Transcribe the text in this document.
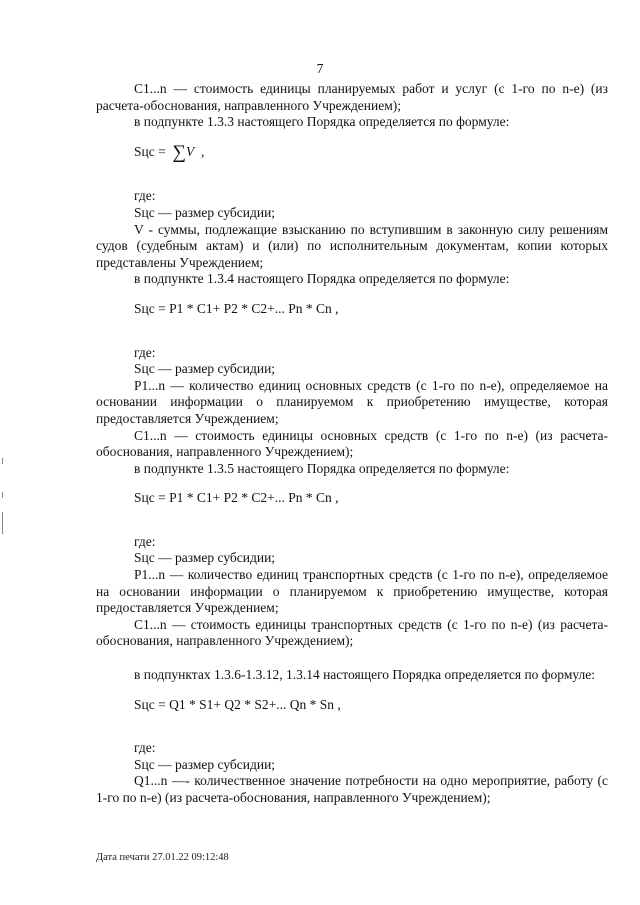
7

C1...n — стоимость единицы планируемых работ и услуг (с 1-го по n-е) (из расчета-обоснования, направленного Учреждением);

в подпункте 1.3.3 настоящего Порядка определяется по формуле:

Sцс =  ∑V  ,

где:

Sцс — размер субсидии;

V - суммы, подлежащие взысканию по вступившим в законную силу решениям судов (судебным актам) и (или) по исполнительным документам, копии которых представлены Учреждением;

в подпункте 1.3.4 настоящего Порядка определяется по формуле:

Sцс = P1 * C1+ P2 * C2+... Pn * Cn ,

где:

Sцс — размер субсидии;

P1...n — количество единиц основных средств (с 1-го по n-е), определяемое на основании информации о планируемом к приобретению имуществе, которая предоставляется Учреждением;

C1...n — стоимость единицы основных средств (с 1-го по n-е) (из расчета-обоснования, направленного Учреждением);

в подпункте 1.3.5 настоящего Порядка определяется по формуле:

Sцс = P1 * C1+ P2 * C2+... Pn * Cn ,

где:

Sцс — размер субсидии;

P1...n — количество единиц транспортных средств (с 1-го по n-е), определяемое на основании информации о планируемом к приобретению имуществе, которая предоставляется Учреждением;

C1...n — стоимость единицы транспортных средств (с 1-го по n-е) (из расчета-обоснования, направленного Учреждением);

в подпунктах 1.3.6-1.3.12, 1.3.14 настоящего Порядка определяется по формуле:

Sцс = Q1 * S1+ Q2 * S2+... Qn * Sn ,

где:

Sцс — размер субсидии;

Q1...n —- количественное значение потребности на одно мероприятие, работу (с 1-го по n-е) (из расчета-обоснования, направленного Учреждением);

Дата печати 27.01.22 09:12:48
